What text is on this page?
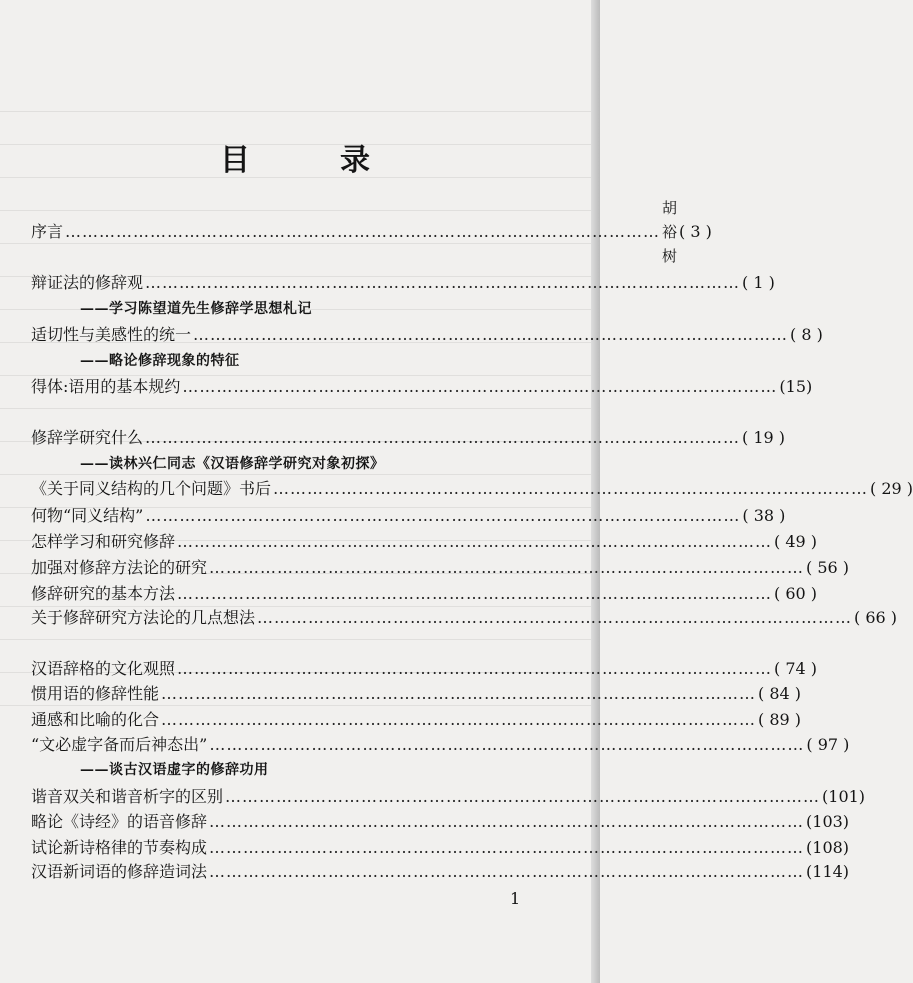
目录
序言 ……………………………………………………………………………………………
胡裕树
( 3 )
辩证法的修辞观 …………………………………………………………………………………………… ( 1 )
——学习陈望道先生修辞学思想札记
适切性与美感性的统一 …………………………………………………………………………………………… ( 8 )
——略论修辞现象的特征
得体:语用的基本规约 …………………………………………………………………………………………… (15)
修辞学研究什么 …………………………………………………………………………………………… ( 19 )
——读林兴仁同志《汉语修辞学研究对象初探》
《关于同义结构的几个问题》书后 …………………………………………………………………………………………… ( 29 )
何物“同义结构” …………………………………………………………………………………………… ( 38 )
怎样学习和研究修辞 …………………………………………………………………………………………… ( 49 )
加强对修辞方法论的研究 …………………………………………………………………………………………… ( 56 )
修辞研究的基本方法 …………………………………………………………………………………………… ( 60 )
关于修辞研究方法论的几点想法 …………………………………………………………………………………………… ( 66 )
汉语辞格的文化观照 …………………………………………………………………………………………… ( 74 )
惯用语的修辞性能 …………………………………………………………………………………………… ( 84 )
通感和比喻的化合 …………………………………………………………………………………………… ( 89 )
“文必虚字备而后神态出” …………………………………………………………………………………………… ( 97 )
——谈古汉语虚字的修辞功用
谐音双关和谐音析字的区别 …………………………………………………………………………………………… (101)
略论《诗经》的语音修辞 …………………………………………………………………………………………… (103)
试论新诗格律的节奏构成 …………………………………………………………………………………………… (108)
汉语新词语的修辞造词法 …………………………………………………………………………………………… (114)
1
